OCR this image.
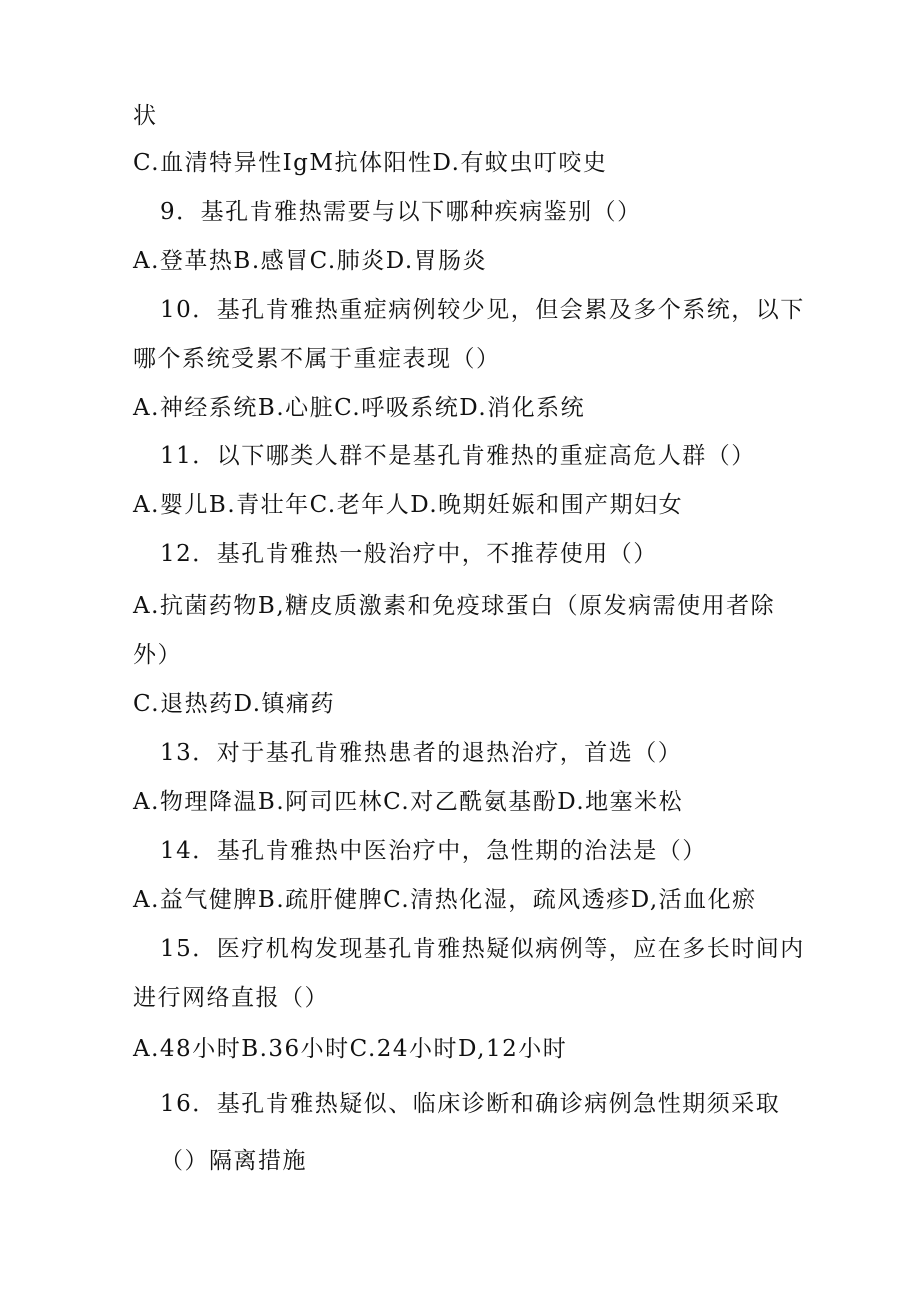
状
C.血清特异性IgM抗体阳性D.有蚊虫叮咬史
9．基孔肯雅热需要与以下哪种疾病鉴别（）
A.登革热B.感冒C.肺炎D.胃肠炎
10．基孔肯雅热重症病例较少见，但会累及多个系统，以下
哪个系统受累不属于重症表现（）
A.神经系统B.心脏C.呼吸系统D.消化系统
11．以下哪类人群不是基孔肯雅热的重症高危人群（）
A.婴儿B.青壮年C.老年人D.晚期妊娠和围产期妇女
12．基孔肯雅热一般治疗中，不推荐使用（）
A.抗菌药物B,糖皮质激素和免疫球蛋白（原发病需使用者除
外）
C.退热药D.镇痛药
13．对于基孔肯雅热患者的退热治疗，首选（）
A.物理降温B.阿司匹林C.对乙酰氨基酚D.地塞米松
14．基孔肯雅热中医治疗中，急性期的治法是（）
A.益气健脾B.疏肝健脾C.清热化湿，疏风透疹D,活血化瘀
15．医疗机构发现基孔肯雅热疑似病例等，应在多长时间内
进行网络直报（）
A.48小时B.36小时C.24小时D,12小时
16．基孔肯雅热疑似、临床诊断和确诊病例急性期须采取
（）隔离措施
